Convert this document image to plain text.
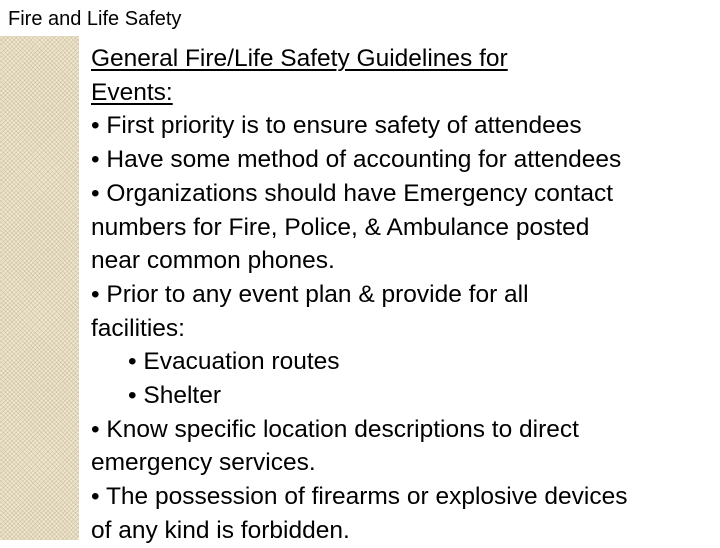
Fire and Life Safety
General Fire/Life Safety Guidelines for
Events:
• First priority is to ensure safety of attendees
• Have some method of accounting for attendees
• Organizations should have Emergency contact
numbers for Fire, Police, & Ambulance posted
near common phones.
• Prior to any event plan & provide for all
facilities:
• Evacuation routes
• Shelter
• Know specific location descriptions to direct
emergency services.
• The possession of firearms or explosive devices
of any kind is forbidden.
